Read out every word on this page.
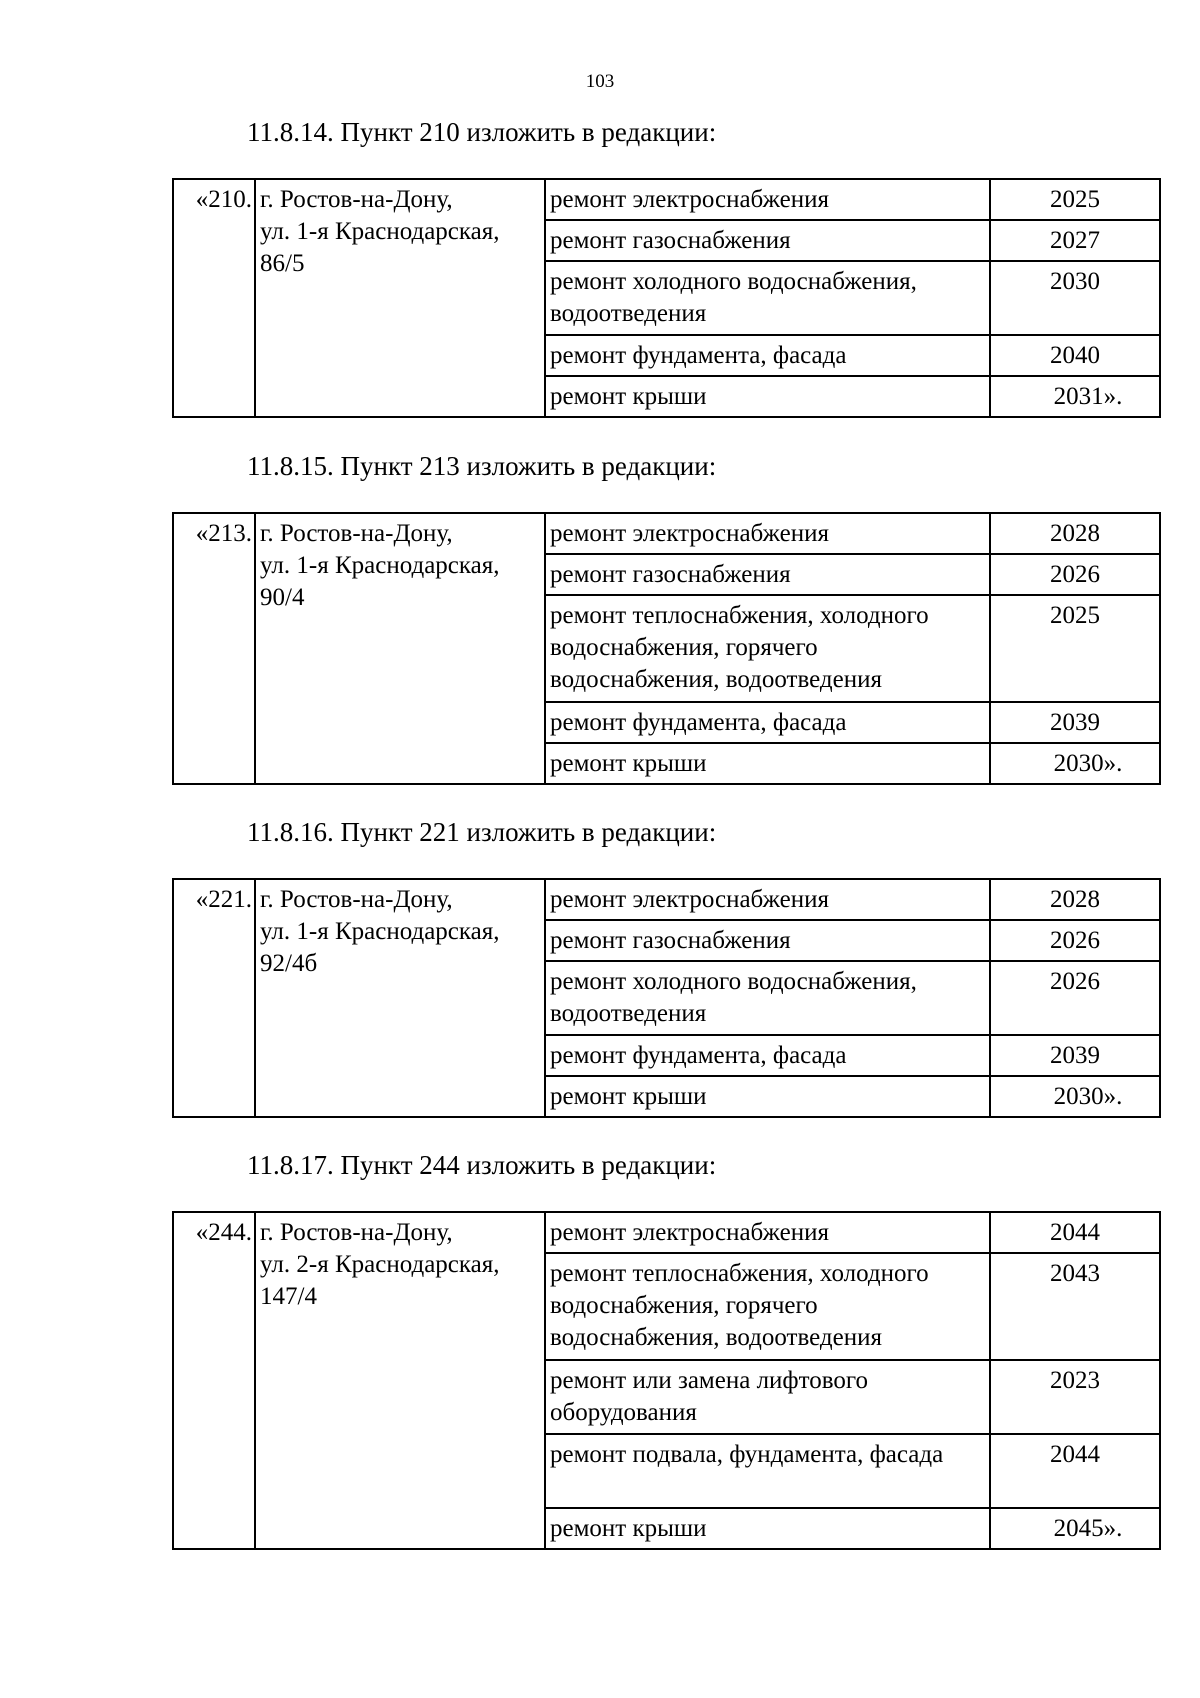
103
11.8.14. Пункт 210 изложить в редакции:
«210.	г. Ростов-на-Дону,
ул. 1-я Краснодарская,
86/5	ремонт электроснабжения	2025
		ремонт газоснабжения	2027
		ремонт холодного водоснабжения, водоотведения	2030
		ремонт фундамента, фасада	2040
		ремонт крыши	2031».
11.8.15. Пункт 213 изложить в редакции:
«213.	г. Ростов-на-Дону,
ул. 1-я Краснодарская,
90/4	ремонт электроснабжения	2028
		ремонт газоснабжения	2026
		ремонт теплоснабжения, холодного водоснабжения, горячего водоснабжения, водоотведения	2025
		ремонт фундамента, фасада	2039
		ремонт крыши	2030».
11.8.16. Пункт 221 изложить в редакции:
«221.	г. Ростов-на-Дону,
ул. 1-я Краснодарская,
92/4б	ремонт электроснабжения	2028
		ремонт газоснабжения	2026
		ремонт холодного водоснабжения, водоотведения	2026
		ремонт фундамента, фасада	2039
		ремонт крыши	2030».
11.8.17. Пункт 244 изложить в редакции:
«244.	г. Ростов-на-Дону,
ул. 2-я Краснодарская,
147/4	ремонт электроснабжения	2044
		ремонт теплоснабжения, холодного водоснабжения, горячего водоснабжения, водоотведения	2043
		ремонт или замена лифтового оборудования	2023
		ремонт подвала, фундамента, фасада	2044
		ремонт крыши	2045».
